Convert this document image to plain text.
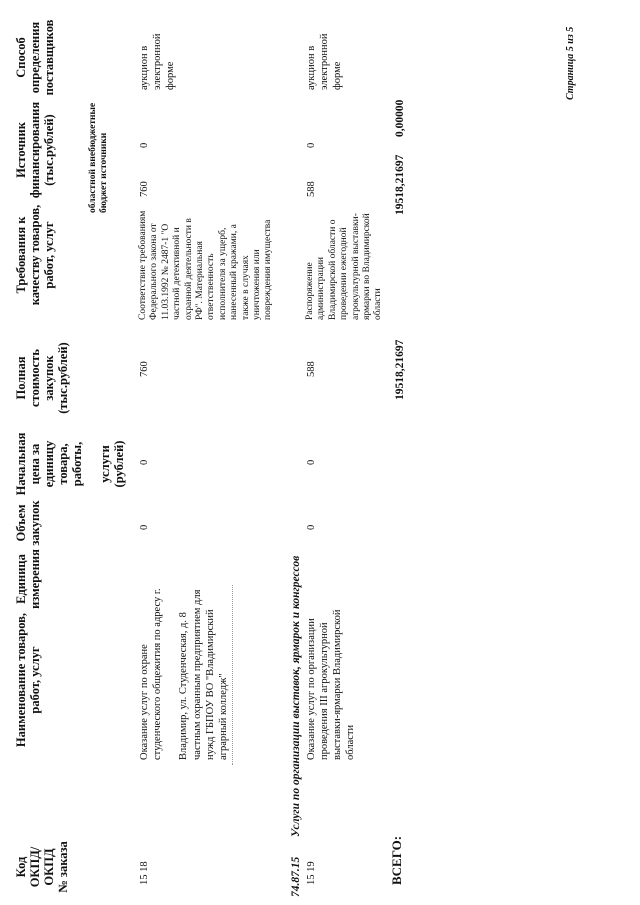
Код
ОКПД/
ОКПД
№ заказа
Наименование товаров,
работ, услуг
Единица
измерения
Объем
закупок
Начальная
цена за
единицу
товара,
работы,

услуги
(рублей)
Полная
стоимость
закупок
(тыс.рублей)
Требования к
качеству товаров,
работ, услуг
Источник
финансирования
(тыс.рублей)
областной внебюджетные
бюджет источники
Способ
определения
поставщиков
15 18
Оказание услуг по охране
студенческого общежития по адресу г.

Владимир, ул. Студенческая, д. 8
частным охранным предприятием для
нужд ГБПОУ ВО "Владимирский
аграрный колледж"
0
0
760
Соответствие требованиям
Федерального закона от
11.03.1992 № 2487-1 "О
частной детективной и
охранной деятельности в
РФ". Материальная
ответственность
исполнителя за ущерб,
нанесенный кражами, а
также в случаях
уничтожения или
повреждения имущества
760
0
аукцион в
электронной
форме
74.87.15
Услуги по организации выставок, ярмарок и конгрессов
15 19
Оказание услуг по организации
проведения III агрокультурной
выставки-ярмарки Владимирской
области
0
0
588
Распоряжение
администрации
Владимирской области о
проведении ежегодной
агрокультурной выставки-
ярмарки во Владимирской
области
588
0
аукцион в
электронной
форме
ВСЕГО:
19518,21697
19518,21697
0,00000
Страница 5 из 5
